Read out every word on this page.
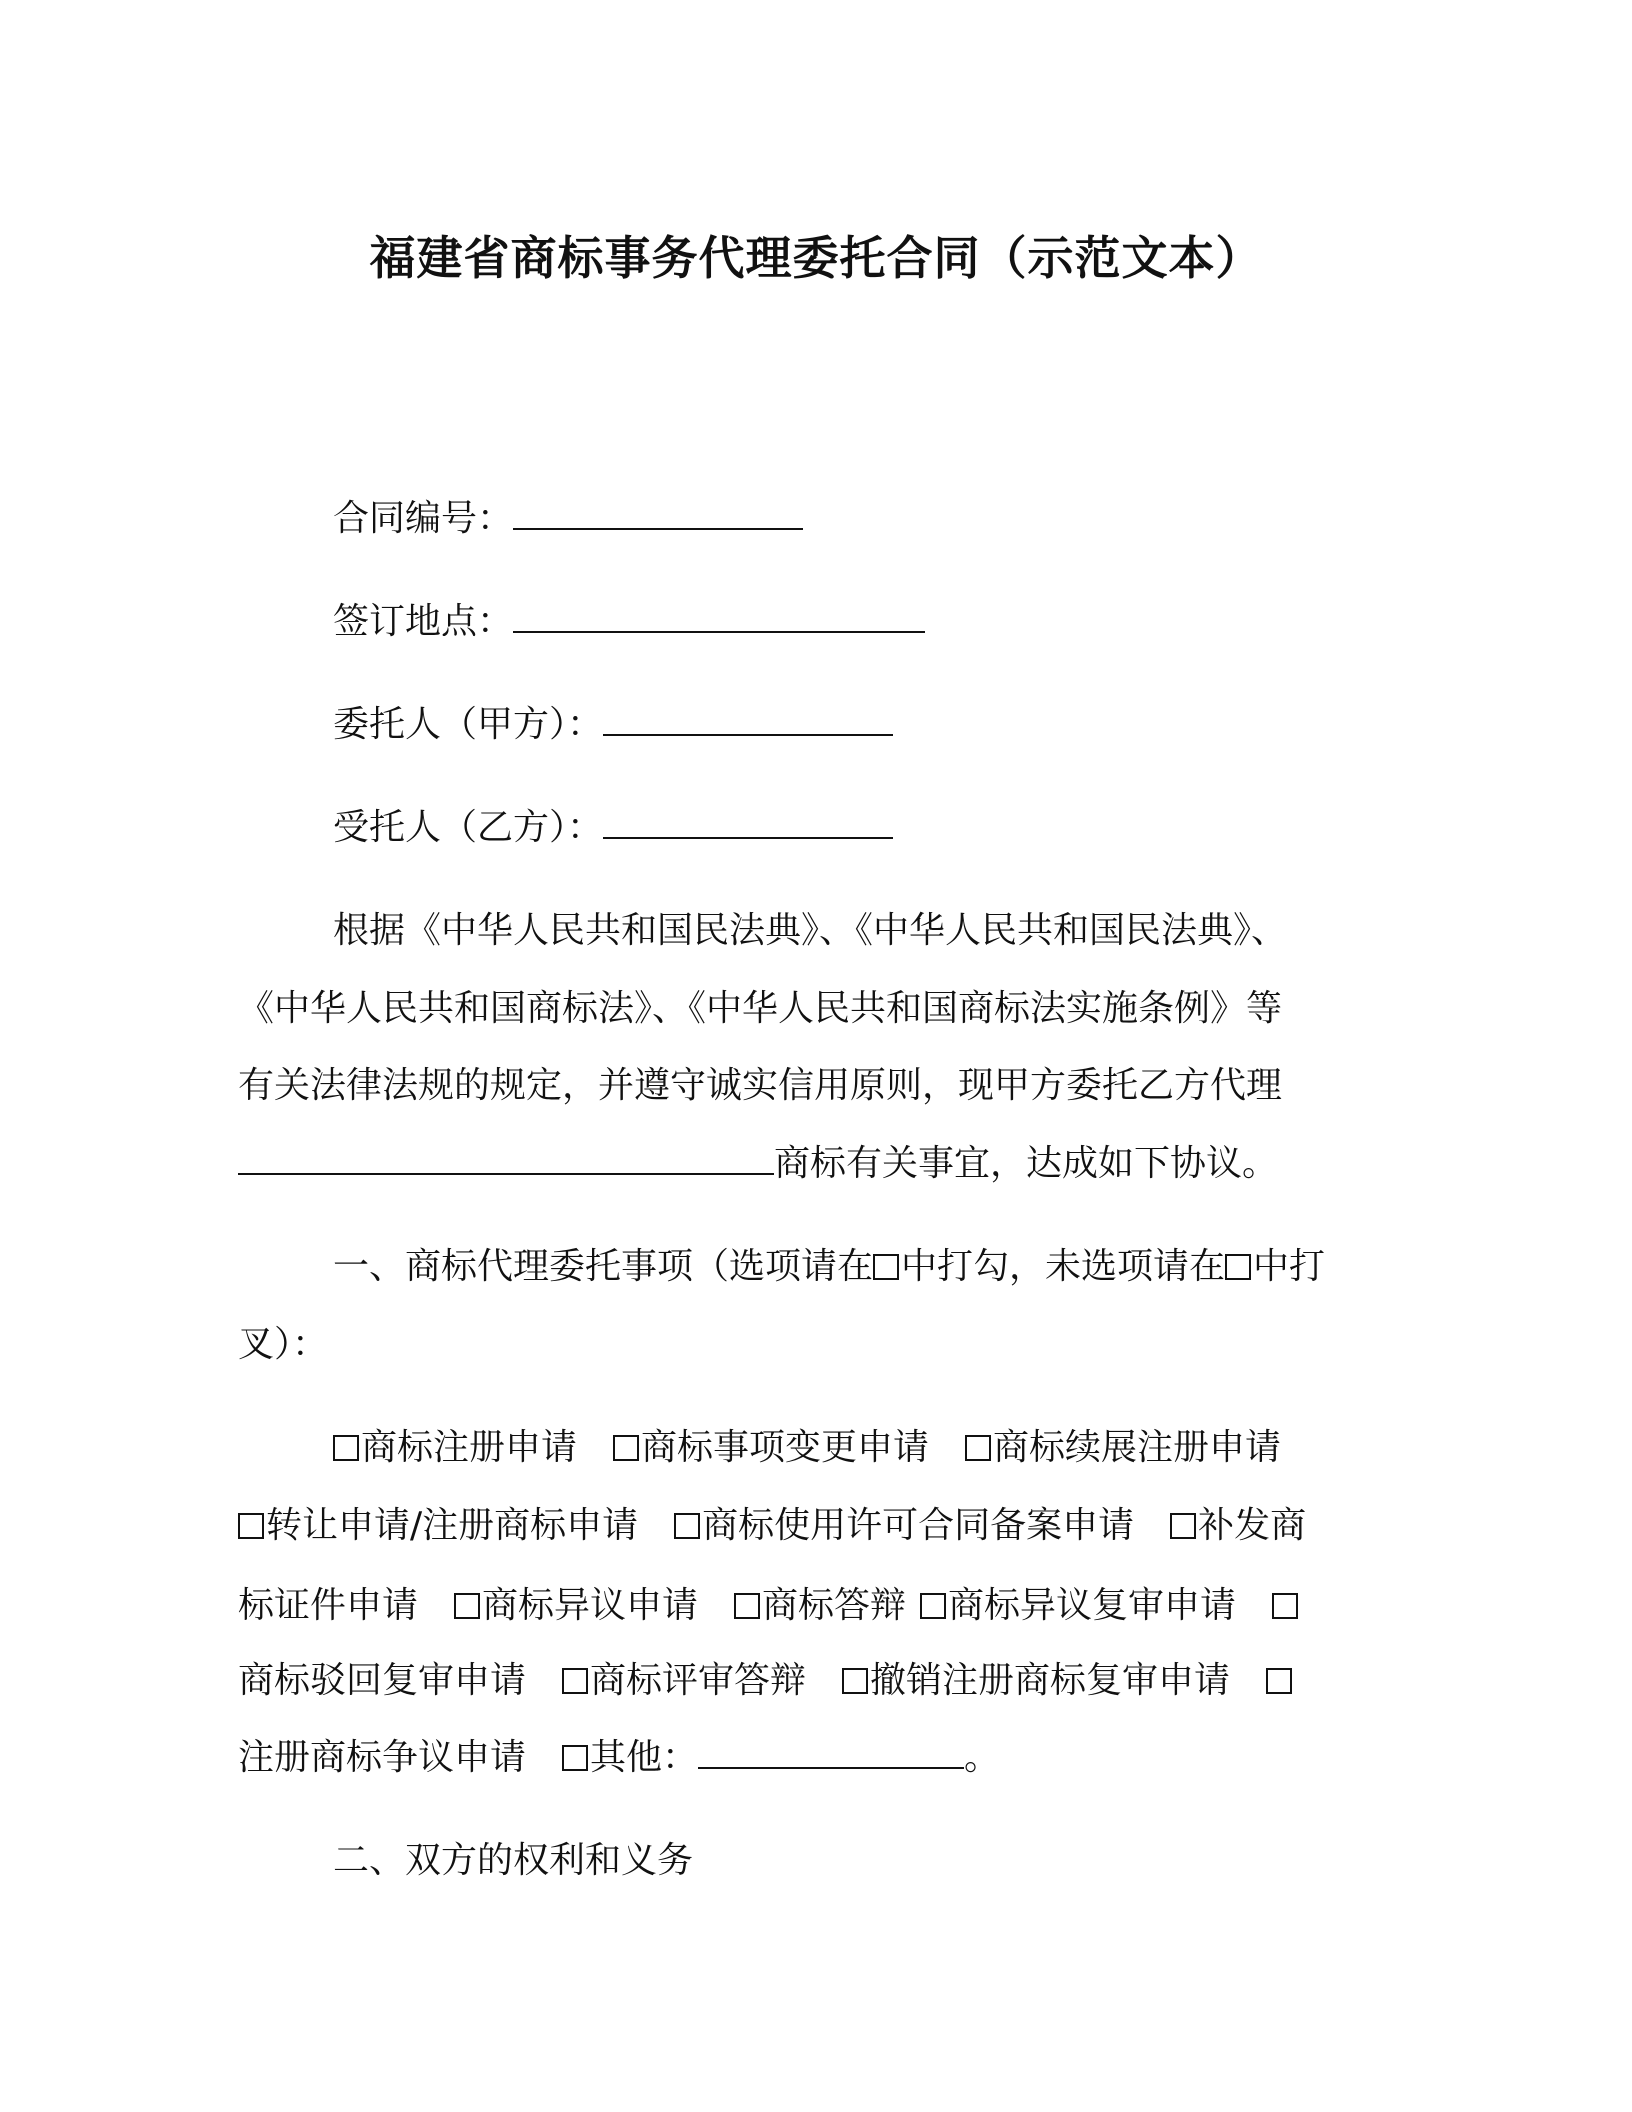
福建省商标事务代理委托合同（示范文本）
合同编号：
签订地点：
委托人（甲方）：
受托人（乙方）：
根据《中华人民共和国民法典》、《中华人民共和国民法典》、
《中华人民共和国商标法》、《中华人民共和国商标法实施条例》等
有关法律法规的规定，并遵守诚实信用原则，现甲方委托乙方代理
商标有关事宜，达成如下协议。
一、商标代理委托事项（选项请在 中打勾，未选项请在 中打
叉）：
商标注册申请 商标事项变更申请 商标续展注册申请
转让申请/注册商标申请 商标使用许可合同备案申请 补发商
标证件申请 商标异议申请 商标答辩 商标异议复审申请
商标驳回复审申请 商标评审答辩 撤销注册商标复审申请
注册商标争议申请 其他：	。
二、双方的权利和义务
